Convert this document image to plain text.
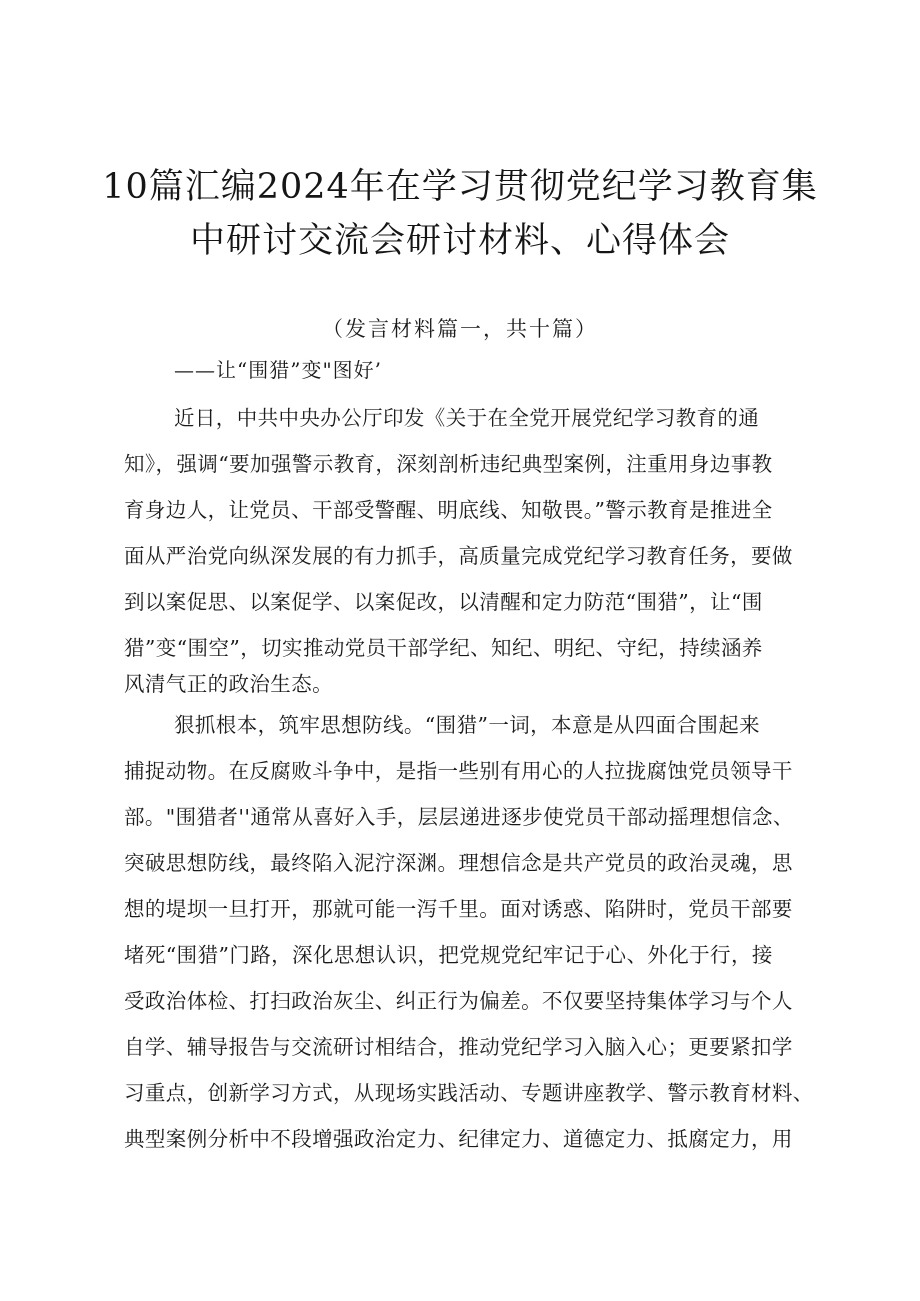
10篇汇编2024年在学习贯彻党纪学习教育集
中研讨交流会研讨材料、心得体会
（发言材料篇一，共十篇）
——让“围猎”变"图好’
近日，中共中央办公厅印发《关于在全党开展党纪学习教育的通
知》，强调“要加强警示教育，深刻剖析违纪典型案例，注重用身边事教
育身边人，让党员、干部受警醒、明底线、知敬畏。”警示教育是推进全
面从严治党向纵深发展的有力抓手，高质量完成党纪学习教育任务，要做
到以案促思、以案促学、以案促改，以清醒和定力防范“围猎”，让“围
猎”变“围空”，切实推动党员干部学纪、知纪、明纪、守纪，持续涵养
风清气正的政治生态。
狠抓根本，筑牢思想防线。“围猎”一词，本意是从四面合围起来
捕捉动物。在反腐败斗争中，是指一些别有用心的人拉拢腐蚀党员领导干
部。"围猎者''通常从喜好入手，层层递进逐步使党员干部动摇理想信念、
突破思想防线，最终陷入泥泞深渊。理想信念是共产党员的政治灵魂，思
想的堤坝一旦打开，那就可能一泻千里。面对诱惑、陷阱时，党员干部要
堵死“围猎”门路，深化思想认识，把党规党纪牢记于心、外化于行，接
受政治体检、打扫政治灰尘、纠正行为偏差。不仅要坚持集体学习与个人
自学、辅导报告与交流研讨相结合，推动党纪学习入脑入心；更要紧扣学
习重点，创新学习方式，从现场实践活动、专题讲座教学、警示教育材料、
典型案例分析中不段增强政治定力、纪律定力、道德定力、抵腐定力，用
